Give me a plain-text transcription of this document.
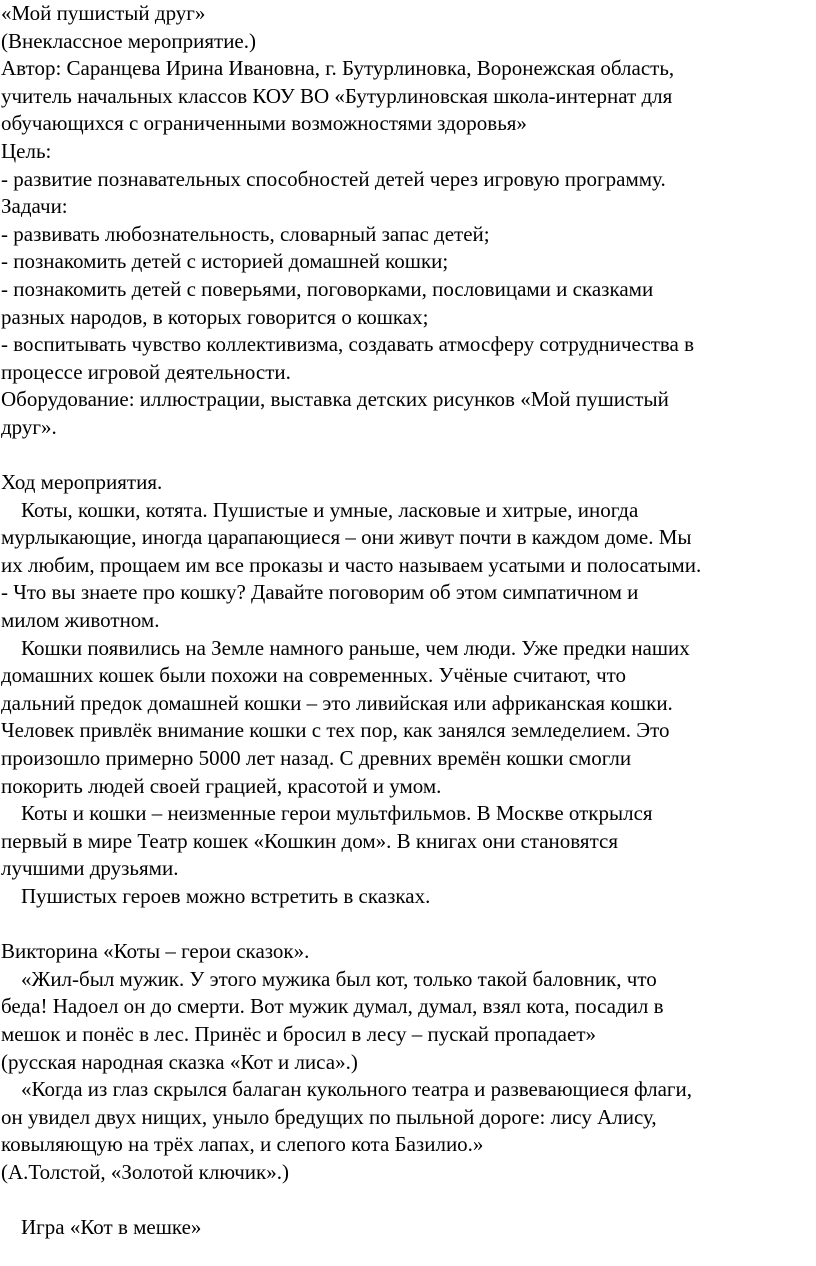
«Мой пушистый друг»
(Внеклассное мероприятие.)
Автор: Саранцева Ирина Ивановна, г. Бутурлиновка, Воронежская область,
учитель начальных классов КОУ ВО «Бутурлиновская школа-интернат для
обучающихся с ограниченными возможностями здоровья»
Цель:
- развитие познавательных способностей детей через игровую программу.
Задачи:
- развивать любознательность, словарный запас детей;
- познакомить детей с историей домашней кошки;
- познакомить детей с поверьями, поговорками, пословицами и сказками
разных народов, в которых говорится о кошках;
- воспитывать чувство коллективизма, создавать атмосферу сотрудничества в
процессе игровой деятельности.
Оборудование: иллюстрации, выставка детских рисунков «Мой пушистый
друг».
Ход мероприятия.
Коты, кошки, котята. Пушистые и умные, ласковые и хитрые, иногда
мурлыкающие, иногда царапающиеся – они живут почти в каждом доме. Мы
их любим, прощаем им все проказы и часто называем усатыми и полосатыми.
- Что вы знаете про кошку? Давайте поговорим об этом симпатичном и
милом животном.
Кошки появились на Земле намного раньше, чем люди. Уже предки наших
домашних кошек были похожи на современных. Учёные считают, что
дальний предок домашней кошки – это ливийская или африканская кошки.
Человек привлёк внимание кошки с тех пор, как занялся земледелием. Это
произошло примерно 5000 лет назад. С древних времён кошки смогли
покорить людей своей грацией, красотой и умом.
Коты и кошки – неизменные герои мультфильмов. В Москве открылся
первый в мире Театр кошек «Кошкин дом». В книгах они становятся
лучшими друзьями.
Пушистых героев можно встретить в сказках.
Викторина «Коты – герои сказок».
«Жил-был мужик. У этого мужика был кот, только такой баловник, что
беда! Надоел он до смерти. Вот мужик думал, думал, взял кота, посадил в
мешок и понёс в лес. Принёс и бросил в лесу – пускай пропадает»
(русская народная сказка «Кот и лиса».)
«Когда из глаз скрылся балаган кукольного театра и развевающиеся флаги,
он увидел двух нищих, уныло бредущих по пыльной дороге: лису Алису,
ковыляющую на трёх лапах, и слепого кота Базилио.»
(А.Толстой, «Золотой ключик».)
Игра «Кот в мешке»
